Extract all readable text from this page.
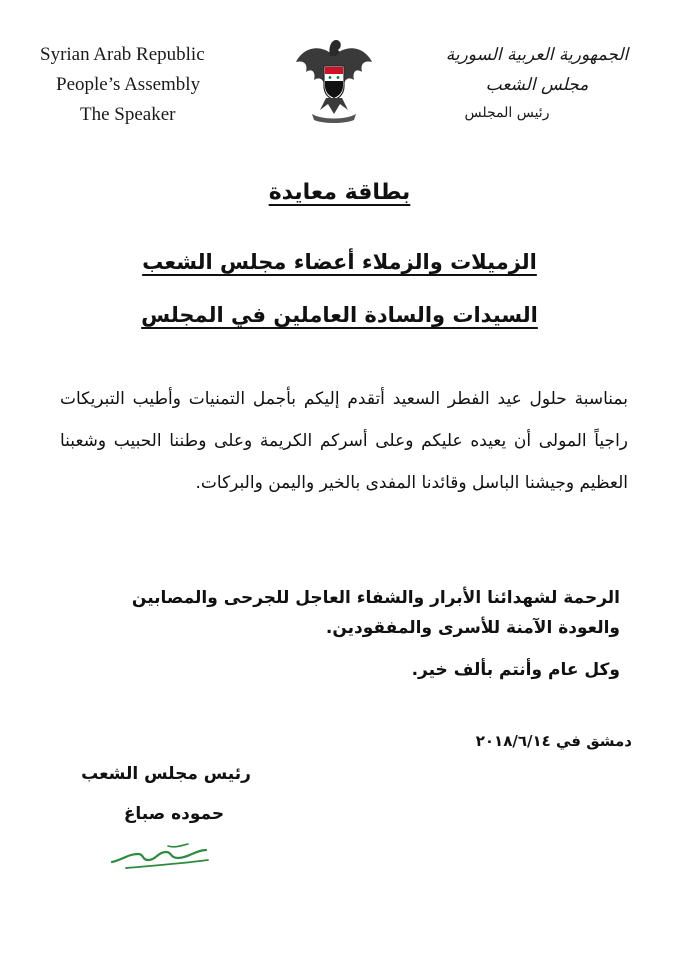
Syrian Arab Republic
People’s Assembly
The Speaker
الجمهورية العربية السورية
مجلس الشعب
رئيس المجلس
بطاقة معايدة
الزميلات والزملاء أعضاء مجلس الشعب
السيدات والسادة العاملين في المجلس
بمناسبة حلول عيد الفطر السعيد أتقدم إليكم بأجمل التمنيات وأطيب التبريكات راجياً المولى أن يعيده عليكم وعلى أسركم الكريمة وعلى وطننا الحبيب وشعبنا العظيم وجيشنا الباسل وقائدنا المفدى بالخير واليمن والبركات.
الرحمة لشهدائنا الأبرار والشفاء العاجل للجرحى والمصابين
والعودة الآمنة للأسرى والمفقودين.
وكل عام وأنتم بألف خير.
دمشق في ٢٠١٨/٦/١٤
رئيس مجلس الشعب
حموده صباغ
